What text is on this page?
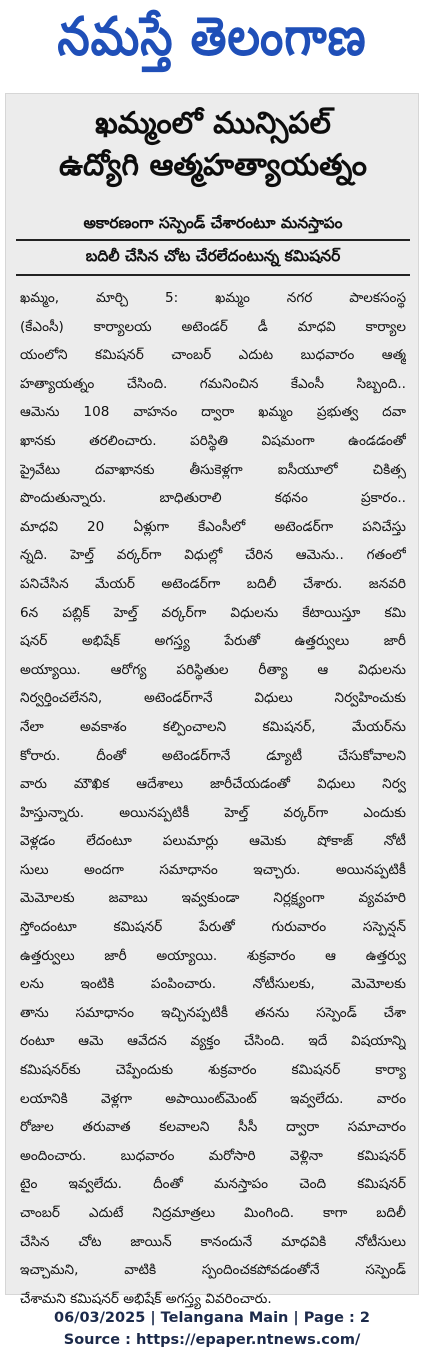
నమస్తే తెలంగాణ
ఖమ్మంలో మున్సిపల్
ఉద్యోగి ఆత్మహత్యాయత్నం
అకారణంగా సస్పెండ్ చేశారంటూ మనస్తాపం
బదిలీ చేసిన చోట చేరలేదంటున్న కమిషనర్
ఖమ్మం, మార్చి 5: ఖమ్మం నగర పాలకసంస్థ
(కేఎంసీ) కార్యాలయ అటెండర్ డీ మాధవి కార్యాల
యంలోని కమిషనర్ చాంబర్ ఎదుట బుధవారం ఆత్మ
హత్యాయత్నం చేసింది. గమనించిన కేఎంసీ సిబ్బంది..
ఆమెను 108 వాహనం ద్వారా ఖమ్మం ప్రభుత్వ దవా
ఖానకు తరలించారు. పరిస్థితి విషమంగా ఉండడంతో
ప్రైవేటు దవాఖానకు తీసుకెళ్లగా ఐసీయూలో చికిత్స
పొందుతున్నారు. బాధితురాలి కథనం ప్రకారం..
మాధవి 20 ఏళ్లుగా కేఎంసీలో అటెండర్‌గా పనిచేస్తు
న్నది. హెల్త్ వర్కర్‌గా విధుల్లో చేరిన ఆమెను.. గతంలో
పనిచేసిన మేయర్ అటెండర్‌గా బదిలీ చేశారు. జనవరి
6న పబ్లిక్ హెల్త్ వర్కర్‌గా విధులను కేటాయిస్తూ కమి
షనర్ అభిషేక్ అగస్త్య పేరుతో ఉత్తర్వులు జారీ
అయ్యాయి. ఆరోగ్య పరిస్థితుల రీత్యా ఆ విధులను
నిర్వర్తించలేనని, అటెండర్‌గానే విధులు నిర్వహించుకు
నేలా అవకాశం కల్పించాలని కమిషనర్, మేయర్‌ను
కోరారు. దీంతో అటెండర్‌గానే డ్యూటీ చేసుకోవాలని
వారు మౌఖిక ఆదేశాలు జారీచేయడంతో విధులు నిర్వ
హిస్తున్నారు. అయినప్పటికీ హెల్త్ వర్కర్‌గా ఎందుకు
వెళ్లడం లేదంటూ పలుమార్లు ఆమెకు షోకాజ్ నోటీ
సులు అందగా సమాధానం ఇచ్చారు. అయినప్పటికీ
మెమోలకు జవాబు ఇవ్వకుండా నిర్లక్ష్యంగా వ్యవహరి
స్తోందంటూ కమిషనర్ పేరుతో గురువారం సస్పెన్షన్
ఉత్తర్వులు జారీ అయ్యాయి. శుక్రవారం ఆ ఉత్తర్వు
లను ఇంటికి పంపించారు. నోటీసులకు, మెమోలకు
తాను సమాధానం ఇచ్చినప్పటికీ తనను సస్పెండ్ చేశా
రంటూ ఆమె ఆవేదన వ్యక్తం చేసింది. ఇదే విషయాన్ని
కమిషనర్‌కు చెప్పేందుకు శుక్రవారం కమిషనర్ కార్యా
లయానికి వెళ్లగా అపాయింట్‌మెంట్ ఇవ్వలేదు. వారం
రోజుల తరువాత కలవాలని సీసీ ద్వారా సమాచారం
అందించారు. బుధవారం మరోసారి వెళ్లినా కమిషనర్
టైం ఇవ్వలేదు. దీంతో మనస్తాపం చెంది కమిషనర్
చాంబర్ ఎదుటే నిద్రమాత్రలు మింగింది. కాగా బదిలీ
చేసిన చోట జాయిన్ కానందునే మాధవికి నోటీసులు
ఇచ్చామని, వాటికి స్పందించకపోవడంతోనే సస్పెండ్
చేశామని కమిషనర్ అభిషేక్ అగస్త్య వివరించారు.
06/03/2025 | Telangana Main | Page : 2
Source : https://epaper.ntnews.com/
